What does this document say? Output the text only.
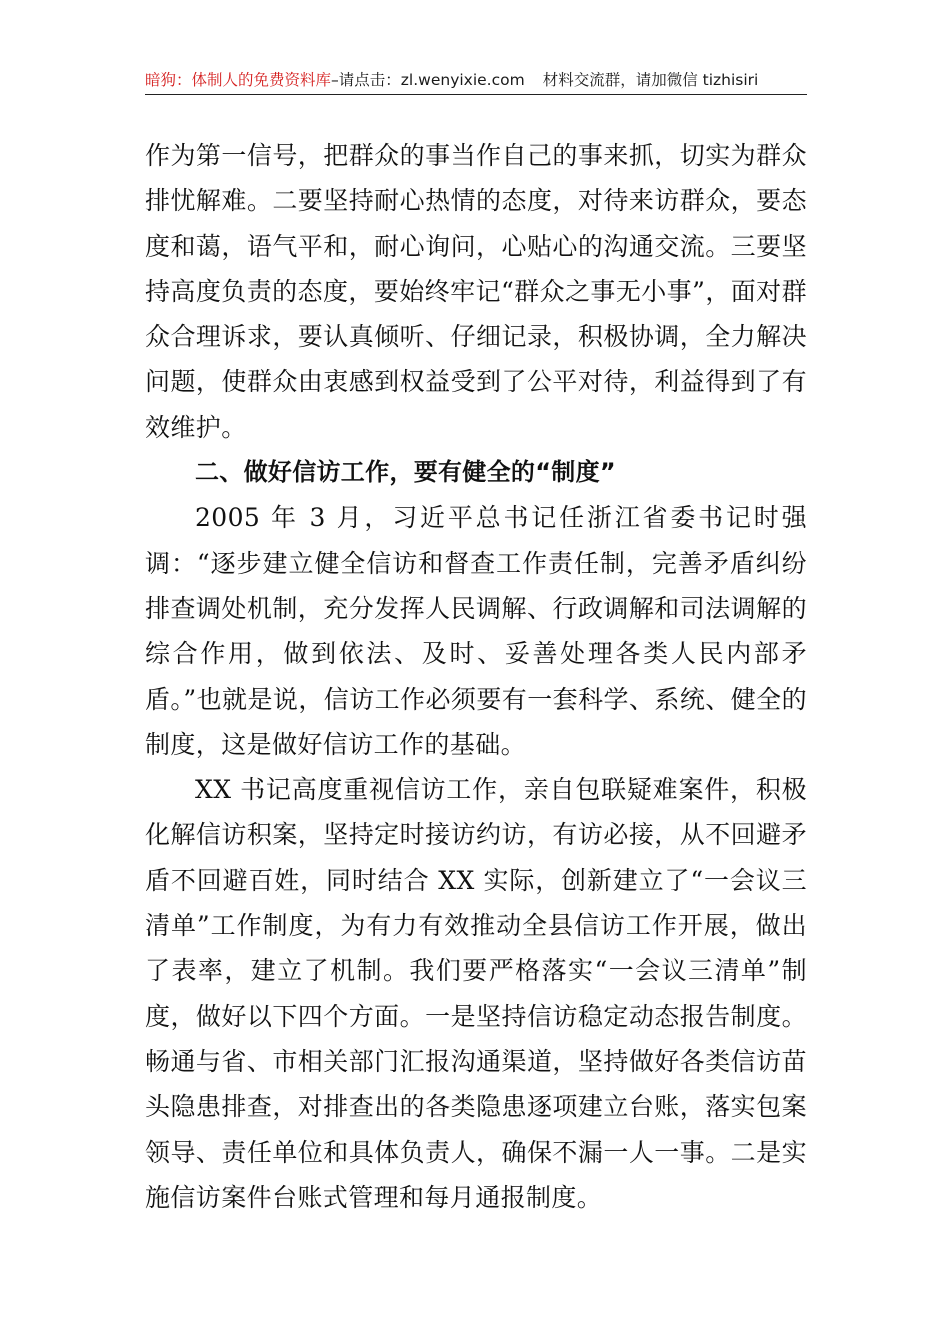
暗狗：体制人的免费资料库–请点击：zl.wenyixie.com 材料交流群，请加微信 tizhisiri

作为第一信号，把群众的事当作自己的事来抓，切实为群众排忧解难。二要坚持耐心热情的态度，对待来访群众，要态度和蔼，语气平和，耐心询问，心贴心的沟通交流。三要坚持高度负责的态度，要始终牢记“群众之事无小事”，面对群众合理诉求，要认真倾听、仔细记录，积极协调，全力解决问题，使群众由衷感到权益受到了公平对待，利益得到了有效维护。

二、做好信访工作，要有健全的“制度”

2005 年 3 月，习近平总书记任浙江省委书记时强调：“逐步建立健全信访和督查工作责任制，完善矛盾纠纷排查调处机制，充分发挥人民调解、行政调解和司法调解的综合作用，做到依法、及时、妥善处理各类人民内部矛盾。”也就是说，信访工作必须要有一套科学、系统、健全的制度，这是做好信访工作的基础。

XX 书记高度重视信访工作，亲自包联疑难案件，积极化解信访积案，坚持定时接访约访，有访必接，从不回避矛盾不回避百姓，同时结合 XX 实际，创新建立了“一会议三清单”工作制度，为有力有效推动全县信访工作开展，做出了表率，建立了机制。我们要严格落实“一会议三清单”制度，做好以下四个方面。一是坚持信访稳定动态报告制度。畅通与省、市相关部门汇报沟通渠道，坚持做好各类信访苗头隐患排查，对排查出的各类隐患逐项建立台账，落实包案领导、责任单位和具体负责人，确保不漏一人一事。二是实施信访案件台账式管理和每月通报制度。
